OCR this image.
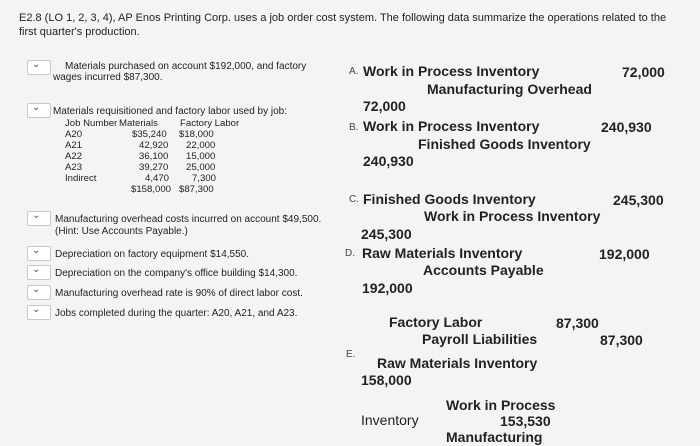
E2.8 (LO 1, 2, 3, 4), AP Enos Printing Corp. uses a job order cost system. The following data summarize the operations related to the first quarter's production.
⌄ Materials purchased on account $192,000, and factory
wages incurred $87,300.
⌄ Materials requisitioned and factory labor used by job:
Job Number Materials Factory Labor
A20	$35,240 $18,000
A21	42,920 22,000
A22	36,100 15,000
A23	39,270 25,000
Indirect	4,470 7,300
$158,000 $87,300
⌄ Manufacturing overhead costs incurred on account $49,500.
(Hint: Use Accounts Payable.)
⌄ Depreciation on factory equipment $14,550.
⌄ Depreciation on the company's office building $14,300.
⌄ Manufacturing overhead rate is 90% of direct labor cost.
⌄ Jobs completed during the quarter: A20, A21, and A23.
A. Work in Process Inventory	72,000
Manufacturing Overhead
72,000
B. Work in Process Inventory	240,930
Finished Goods Inventory
240,930
C. Finished Goods Inventory	245,300
Work in Process Inventory
245,300
D. Raw Materials Inventory	192,000
Accounts Payable
192,000
E.
Factory Labor	87,300
Payroll Liabilities	87,300
Raw Materials Inventory
158,000
Work in Process
Inventory	153,530
Manufacturing
